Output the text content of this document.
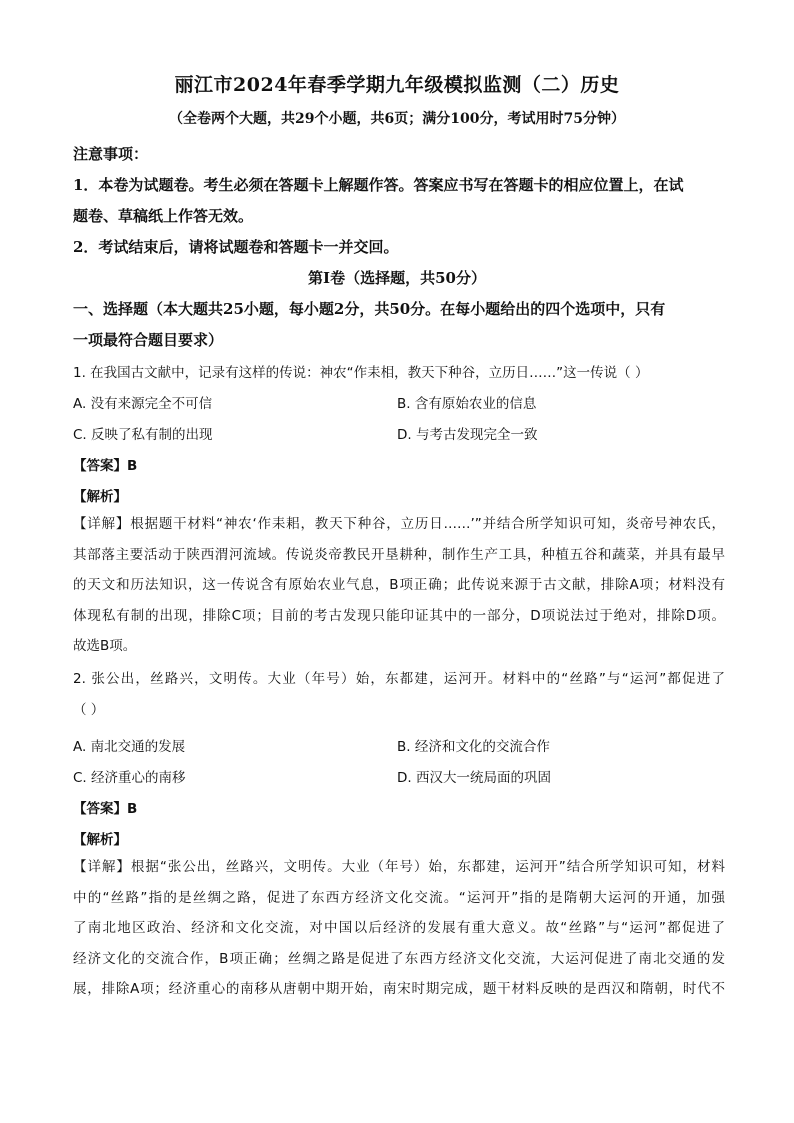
丽江市2024年春季学期九年级模拟监测（二）历史
（全卷两个大题，共29个小题，共6页；满分100分，考试用时75分钟）
注意事项：
1．本卷为试题卷。考生必须在答题卡上解题作答。答案应书写在答题卡的相应位置上，在试
题卷、草稿纸上作答无效。
2．考试结束后，请将试题卷和答题卡一并交回。
第Ⅰ卷（选择题，共50分）
一、选择题（本大题共25小题，每小题2分，共50分。在每小题给出的四个选项中，只有
一项最符合题目要求）
1. 在我国古文献中，记录有这样的传说：神农“作耒相，教天下种谷，立历日……”这一传说（ ）
A. 没有来源完全不可信	B. 含有原始农业的信息
C. 反映了私有制的出现	D. 与考古发现完全一致
【答案】B
【解析】
【详解】根据题干材料“神农‘作耒耜，教天下种谷，立历日……’”并结合所学知识可知，炎帝号神农氏，
其部落主要活动于陕西渭河流域。传说炎帝教民开垦耕种，制作生产工具，种植五谷和蔬菜，并具有最早
的天文和历法知识，这一传说含有原始农业气息，B项正确；此传说来源于古文献，排除A项；材料没有
体现私有制的出现，排除C项；目前的考古发现只能印证其中的一部分，D项说法过于绝对，排除D项。
故选B项。
2. 张公出，丝路兴，文明传。大业（年号）始，东都建，运河开。材料中的“丝路”与“运河”都促进了
（ ）
A. 南北交通的发展	B. 经济和文化的交流合作
C. 经济重心的南移	D. 西汉大一统局面的巩固
【答案】B
【解析】
【详解】根据“张公出，丝路兴，文明传。大业（年号）始，东都建，运河开”结合所学知识可知，材料
中的“丝路”指的是丝绸之路，促进了东西方经济文化交流。“运河开”指的是隋朝大运河的开通，加强
了南北地区政治、经济和文化交流，对中国以后经济的发展有重大意义。故“丝路”与“运河”都促进了
经济文化的交流合作，B项正确；丝绸之路是促进了东西方经济文化交流，大运河促进了南北交通的发
展，排除A项；经济重心的南移从唐朝中期开始，南宋时期完成，题干材料反映的是西汉和隋朝，时代不
